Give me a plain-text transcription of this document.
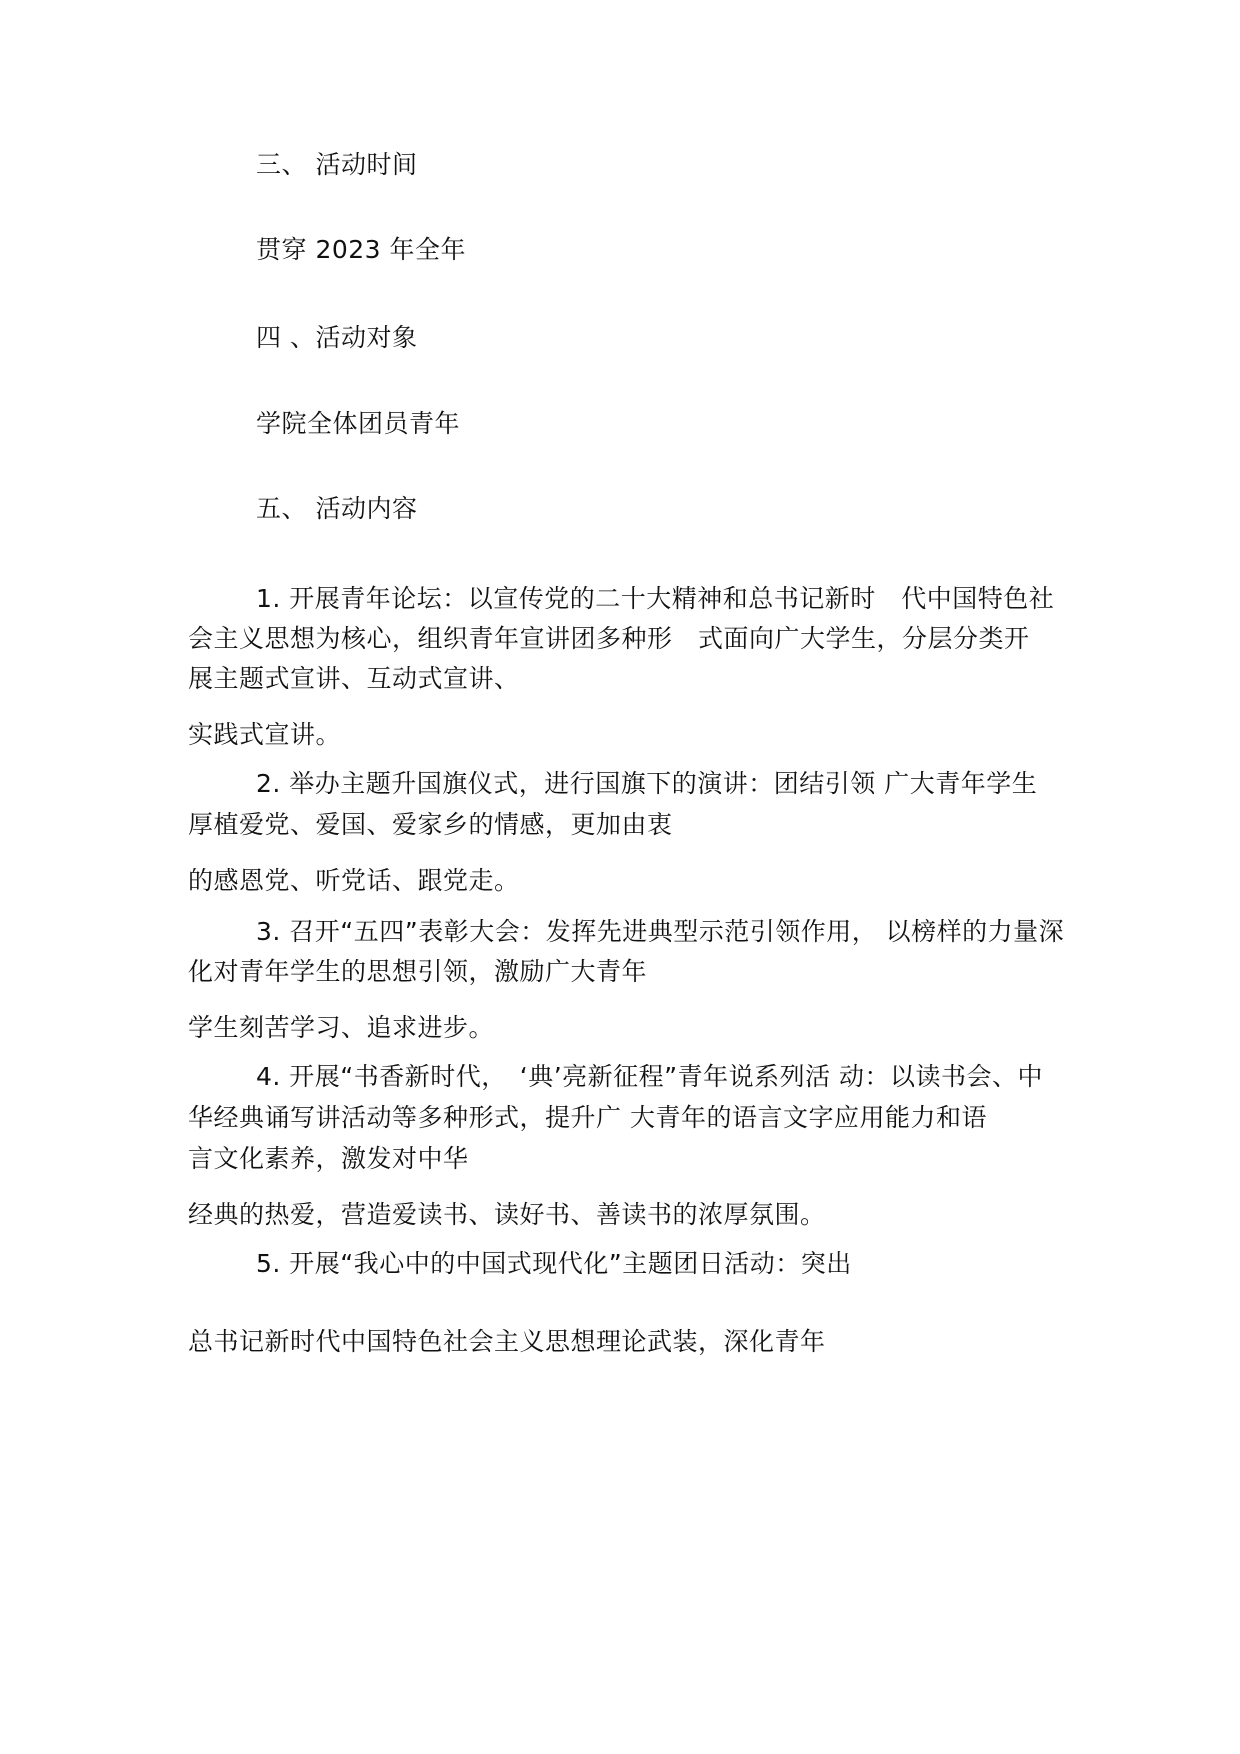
三、 活动时间
贯穿 2023 年全年
四 、活动对象
学院全体团员青年
五、 活动内容
1. 开展青年论坛：以宣传党的二十大精神和总书记新时　代中国特色社
会主义思想为核心，组织青年宣讲团多种形　式面向广大学生，分层分类开
展主题式宣讲、互动式宣讲、
实践式宣讲。
2. 举办主题升国旗仪式，进行国旗下的演讲：团结引领 广大青年学生
厚植爱党、爱国、爱家乡的情感，更加由衷
的感恩党、听党话、跟党走。
3. 召开“五四”表彰大会：发挥先进典型示范引领作用， 以榜样的力量深
化对青年学生的思想引领，激励广大青年
学生刻苦学习、追求进步。
4. 开展“书香新时代，　‘典’亮新征程”青年说系列活 动：以读书会、中
华经典诵写讲活动等多种形式，提升广 大青年的语言文字应用能力和语
言文化素养，激发对中华
经典的热爱，营造爱读书、读好书、善读书的浓厚氛围。
5. 开展“我心中的中国式现代化”主题团日活动：突出
总书记新时代中国特色社会主义思想理论武装，深化青年
